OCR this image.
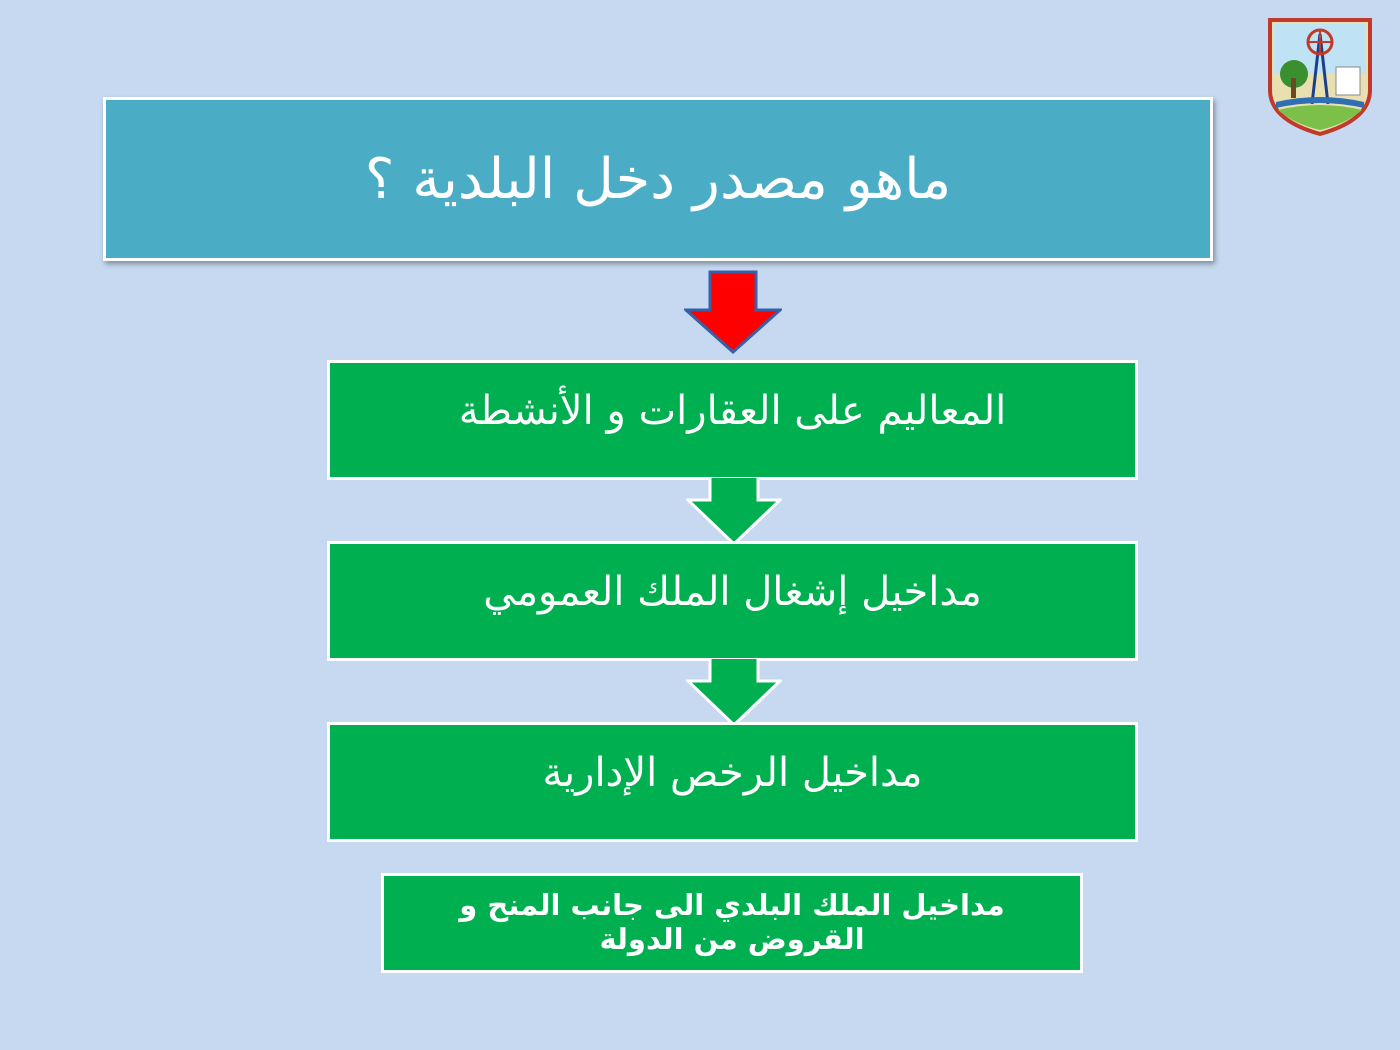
ماهو مصدر دخل البلدية ؟
المعاليم على العقارات و الأنشطة
مداخيل إشغال الملك العمومي
مداخيل الرخص الإدارية
مداخيل الملك البلدي الى جانب المنح و القروض من الدولة
